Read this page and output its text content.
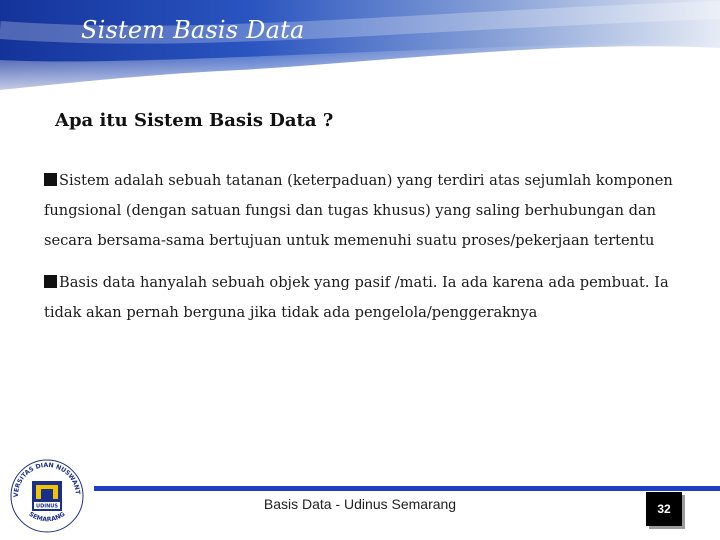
Sistem Basis Data
Apa itu Sistem Basis Data ?
Sistem adalah sebuah tatanan (keterpaduan) yang terdiri atas sejumlah komponen fungsional (dengan satuan fungsi dan tugas khusus) yang saling berhubungan dan secara bersama-sama bertujuan untuk memenuhi suatu proses/pekerjaan tertentu
Basis data hanyalah sebuah objek yang pasif /mati. Ia ada karena ada pembuat. Ia tidak akan pernah berguna jika tidak ada pengelola/penggeraknya
VERSITAS DIAN NUSWANT
SEMARANG
UDINUS	Basis Data - Udinus Semarang	32
